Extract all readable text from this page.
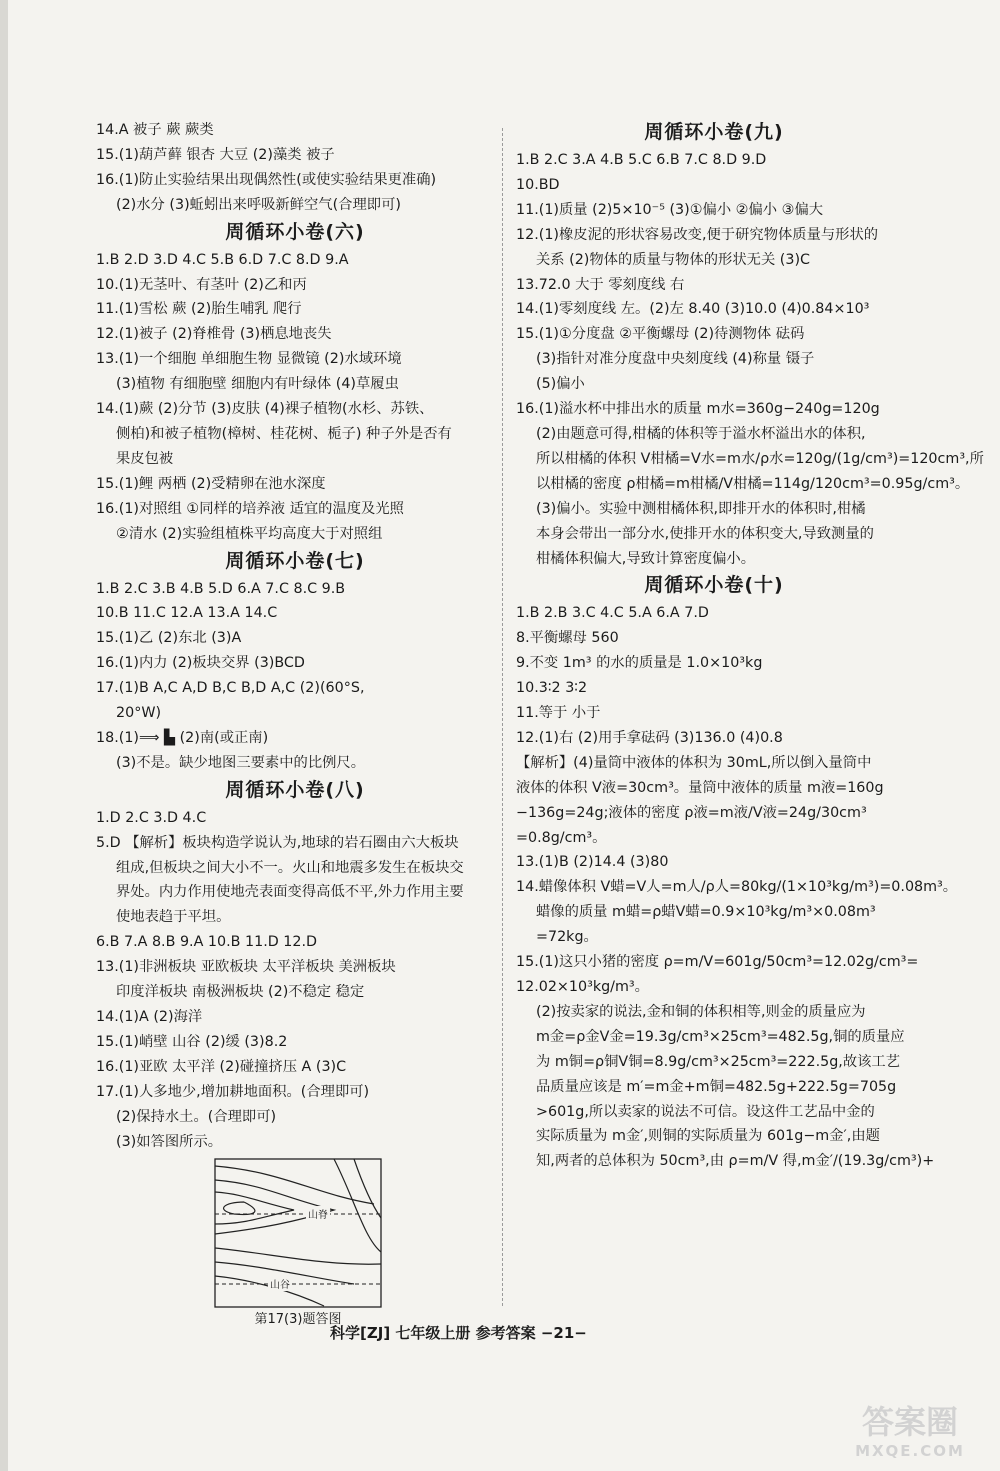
14.A 被子 蕨 蕨类
15.(1)葫芦藓 银杏 大豆 (2)藻类 被子
16.(1)防止实验结果出现偶然性(或使实验结果更准确)
(2)水分 (3)蚯蚓出来呼吸新鲜空气(合理即可)
周循环小卷(六)
1.B 2.D 3.D 4.C 5.B 6.D 7.C 8.D 9.A
10.(1)无茎叶、有茎叶 (2)乙和丙
11.(1)雪松 蕨 (2)胎生哺乳 爬行
12.(1)被子 (2)脊椎骨 (3)栖息地丧失
13.(1)一个细胞 单细胞生物 显微镜 (2)水域环境
(3)植物 有细胞壁 细胞内有叶绿体 (4)草履虫
14.(1)蕨 (2)分节 (3)皮肤 (4)裸子植物(水杉、苏铁、
侧柏)和被子植物(樟树、桂花树、栀子) 种子外是否有
果皮包被
15.(1)鲤 两栖 (2)受精卵在池水深度
16.(1)对照组 ①同样的培养液 适宜的温度及光照
②清水 (2)实验组植株平均高度大于对照组
周循环小卷(七)
1.B 2.C 3.B 4.B 5.D 6.A 7.C 8.C 9.B
10.B 11.C 12.A 13.A 14.C
15.(1)乙 (2)东北 (3)A
16.(1)内力 (2)板块交界 (3)BCD
17.(1)B A,C A,D B,C B,D A,C (2)(60°S,
20°W)
18.(1)⟹ ▙ (2)南(或正南)
(3)不是。缺少地图三要素中的比例尺。
周循环小卷(八)
1.D 2.C 3.D 4.C
5.D 【解析】板块构造学说认为,地球的岩石圈由六大板块
组成,但板块之间大小不一。火山和地震多发生在板块交
界处。内力作用使地壳表面变得高低不平,外力作用主要
使地表趋于平坦。
6.B 7.A 8.B 9.A 10.B 11.D 12.D
13.(1)非洲板块 亚欧板块 太平洋板块 美洲板块
印度洋板块 南极洲板块 (2)不稳定 稳定
14.(1)A (2)海洋
15.(1)峭壁 山谷 (2)缓 (3)8.2
16.(1)亚欧 太平洋 (2)碰撞挤压 A (3)C
17.(1)人多地少,增加耕地面积。(合理即可)
(2)保持水土。(合理即可)
(3)如答图所示。
山脊
山谷
第17(3)题答图
周循环小卷(九)
1.B 2.C 3.A 4.B 5.C 6.B 7.C 8.D 9.D
10.BD
11.(1)质量 (2)5×10⁻⁵ (3)①偏小 ②偏小 ③偏大
12.(1)橡皮泥的形状容易改变,便于研究物体质量与形状的
关系 (2)物体的质量与物体的形状无关 (3)C
13.72.0 大于 零刻度线 右
14.(1)零刻度线 左。(2)左 8.40 (3)10.0 (4)0.84×10³
15.(1)①分度盘 ②平衡螺母 (2)待测物体 砝码
(3)指针对准分度盘中央刻度线 (4)称量 镊子
(5)偏小
16.(1)溢水杯中排出水的质量 m水=360g−240g=120g
(2)由题意可得,柑橘的体积等于溢水杯溢出水的体积,
所以柑橘的体积 V柑橘=V水=m水/ρ水=120g/(1g/cm³)=120cm³,所
以柑橘的密度 ρ柑橘=m柑橘/V柑橘=114g/120cm³=0.95g/cm³。
(3)偏小。实验中测柑橘体积,即排开水的体积时,柑橘
本身会带出一部分水,使排开水的体积变大,导致测量的
柑橘体积偏大,导致计算密度偏小。
周循环小卷(十)
1.B 2.B 3.C 4.C 5.A 6.A 7.D
8.平衡螺母 560
9.不变 1m³ 的水的质量是 1.0×10³kg
10.3∶2 3∶2
11.等于 小于
12.(1)右 (2)用手拿砝码 (3)136.0 (4)0.8
【解析】(4)量筒中液体的体积为 30mL,所以倒入量筒中
液体的体积 V液=30cm³。量筒中液体的质量 m液=160g
−136g=24g;液体的密度 ρ液=m液/V液=24g/30cm³
=0.8g/cm³。
13.(1)B (2)14.4 (3)80
14.蜡像体积 V蜡=V人=m人/ρ人=80kg/(1×10³kg/m³)=0.08m³。
蜡像的质量 m蜡=ρ蜡V蜡=0.9×10³kg/m³×0.08m³
=72kg。
15.(1)这只小猪的密度 ρ=m/V=601g/50cm³=12.02g/cm³=
12.02×10³kg/m³。
(2)按卖家的说法,金和铜的体积相等,则金的质量应为
m金=ρ金V金=19.3g/cm³×25cm³=482.5g,铜的质量应
为 m铜=ρ铜V铜=8.9g/cm³×25cm³=222.5g,故该工艺
品质量应该是 m′=m金+m铜=482.5g+222.5g=705g
>601g,所以卖家的说法不可信。设这件工艺品中金的
实际质量为 m金′,则铜的实际质量为 601g−m金′,由题
知,两者的总体积为 50cm³,由 ρ=m/V 得,m金′/(19.3g/cm³)+
科学[ZJ] 七年级上册 参考答案 −21−
答案圈
MXQE.COM
